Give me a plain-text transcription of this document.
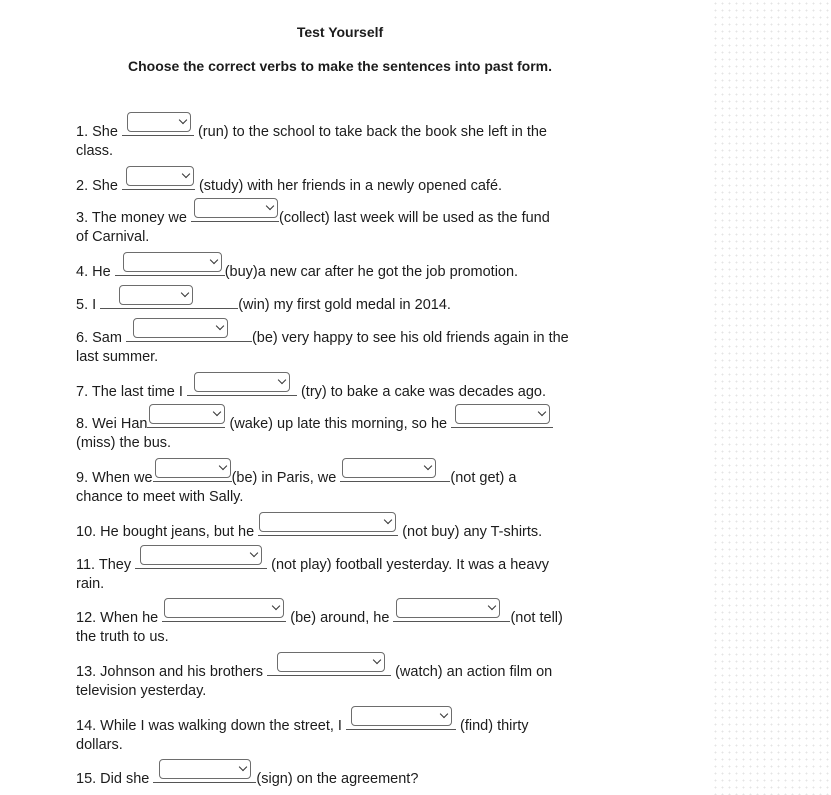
Test Yourself
Choose the correct verbs to make the sentences into past form.
1. She	(run) to the school to take back the book she left in the
class.
2. She	(study) with her friends in a newly opened café.
3. The money we	(collect) last week will be used as the fund
of Carnival.
4. He	(buy)a new car after he got the job promotion.
5. I	(win) my first gold medal in 2014.
6. Sam	(be) very happy to see his old friends again in the
last summer.
7. The last time I	(try) to bake a cake was decades ago.
8. Wei Han	(wake) up late this morning, so he
(miss) the bus.
9. When we	(be) in Paris, we	(not get) a
chance to meet with Sally.
10. He bought jeans, but he	(not buy) any T-shirts.
11. They	(not play) football yesterday. It was a heavy
rain.
12. When he	(be) around, he	(not tell)
the truth to us.
13. Johnson and his brothers	(watch) an action film on
television yesterday.
14. While I was walking down the street, I	(find) thirty
dollars.
15. Did she	(sign) on the agreement?
